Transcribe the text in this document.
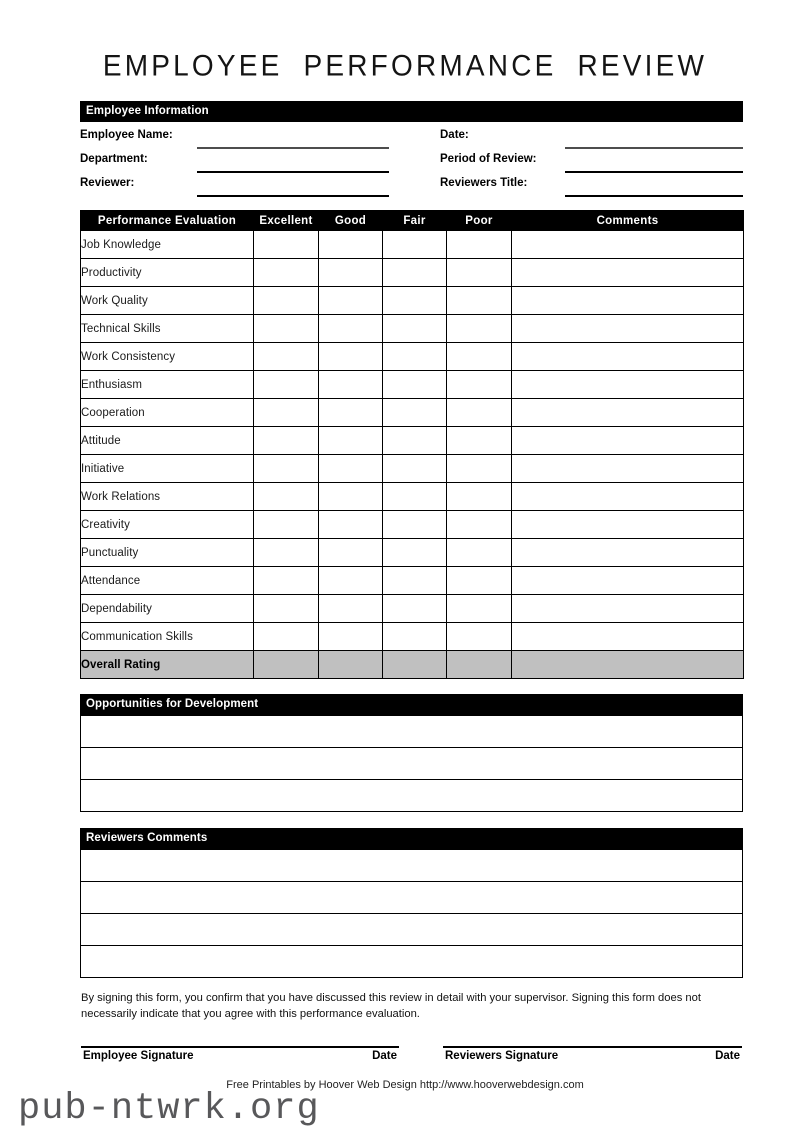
EMPLOYEE PERFORMANCE REVIEW
Employee Information
Employee Name:
Department:
Reviewer:
Date:
Period of Review:
Reviewers Title:
Performance Evaluation	Excellent	Good	Fair	Poor	Comments
Job Knowledge					
Productivity					
Work Quality					
Technical Skills					
Work Consistency					
Enthusiasm					
Cooperation					
Attitude					
Initiative					
Work Relations					
Creativity					
Punctuality					
Attendance					
Dependability					
Communication Skills					
Overall Rating					
Opportunities for Development

Reviewers Comments

By signing this form, you confirm that you have discussed this review in detail with your supervisor. Signing this form does not necessarily indicate that you agree with this performance evaluation.
Employee Signature	Date	Reviewers Signature	Date
Free Printables by Hoover Web Design http://www.hooverwebdesign.com
pub-ntwrk.org
